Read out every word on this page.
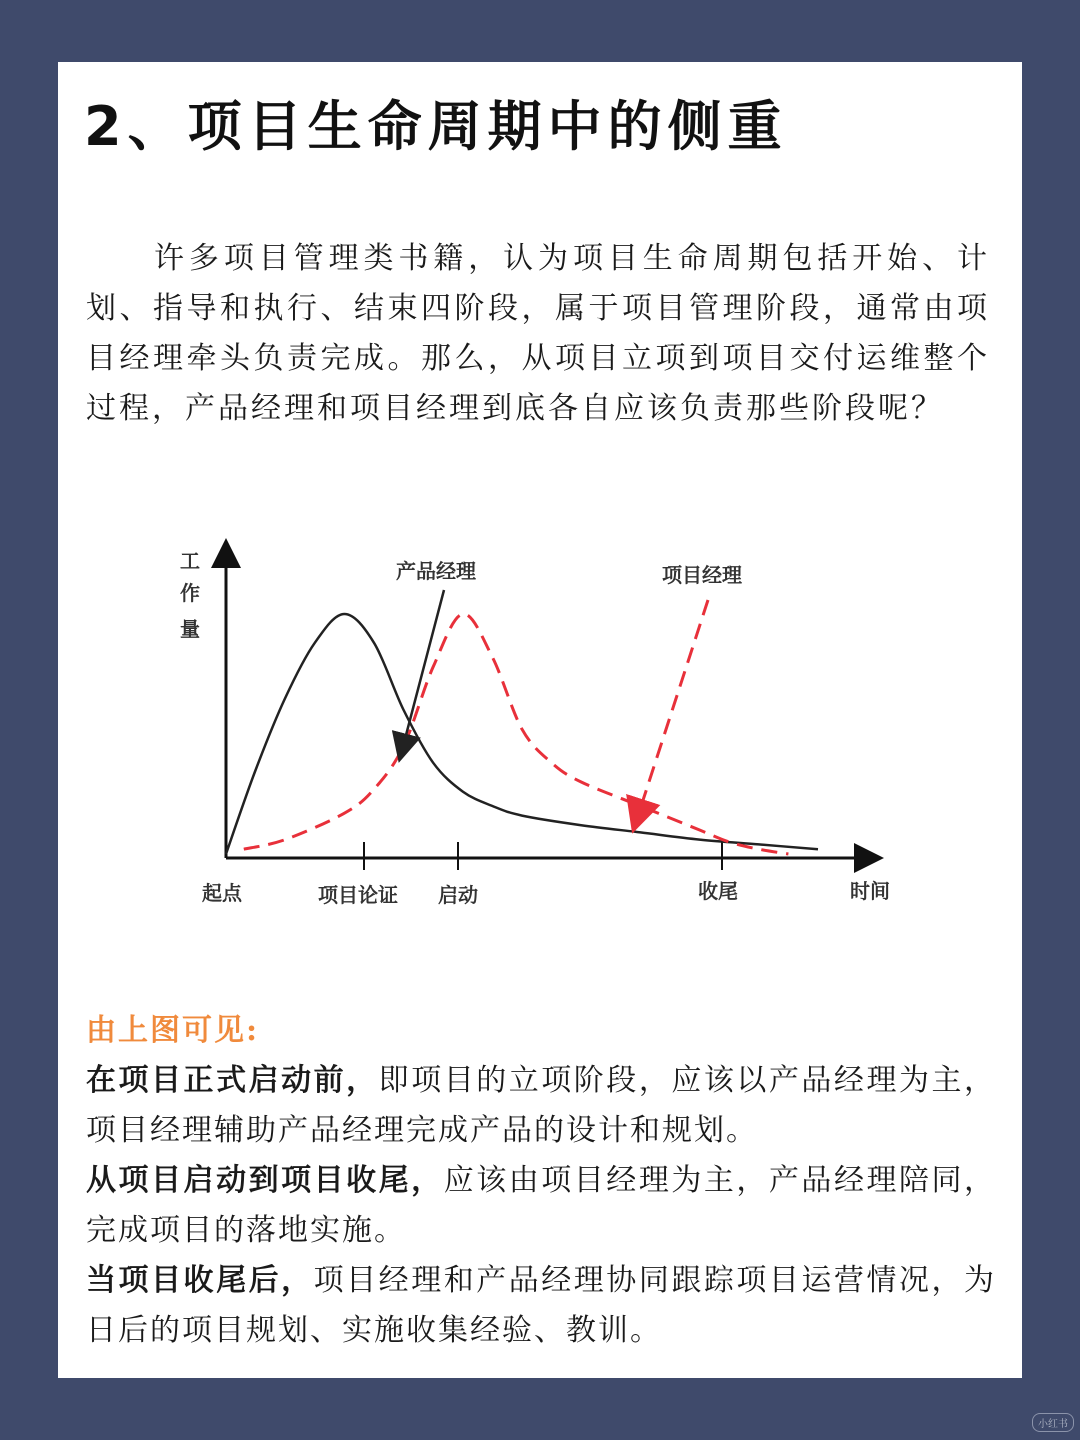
2、项目生命周期中的侧重

许多项目管理类书籍，认为项目生命周期包括开始、计划、指导和执行、结束四阶段，属于项目管理阶段，通常由项目经理牵头负责完成。那么，从项目立项到项目交付运维整个过程，产品经理和项目经理到底各自应该负责那些阶段呢？

工
作
量
起点	项目论证 启动	收尾	时间
产品经理	项目经理

由上图可见:

在项目正式启动前，即项目的立项阶段，应该以产品经理为主，项目经理辅助产品经理完成产品的设计和规划。

从项目启动到项目收尾，应该由项目经理为主，产品经理陪同，完成项目的落地实施。

当项目收尾后，项目经理和产品经理协同跟踪项目运营情况，为日后的项目规划、实施收集经验、教训。

小红书
